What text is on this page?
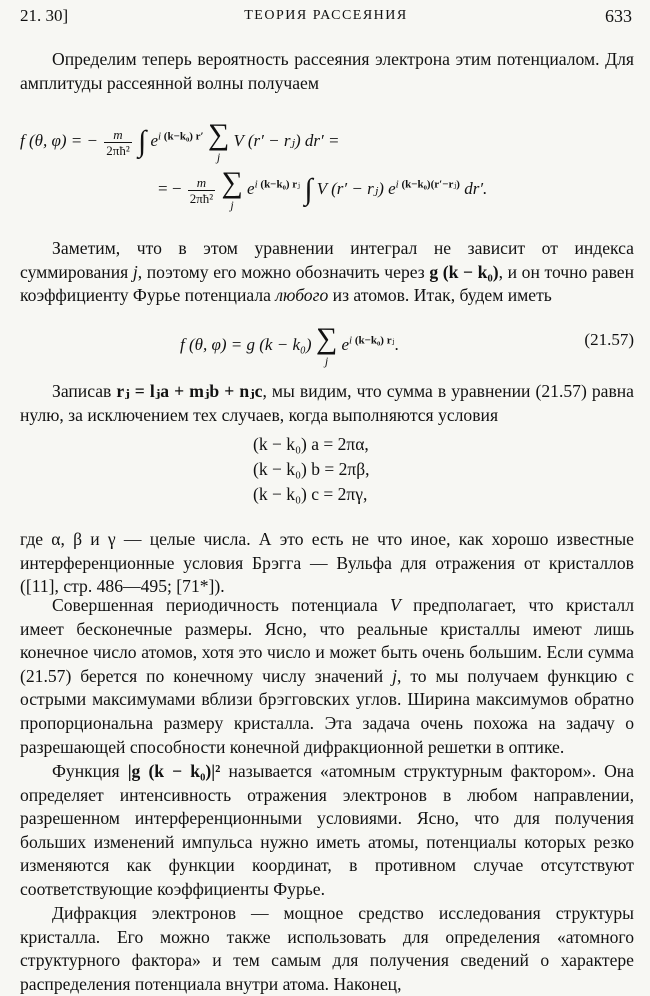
21. 30]	ТЕОРИЯ РАССЕЯНИЯ	633

Определим теперь вероятность рассеяния электрона этим потенциалом. Для амплитуды рассеянной волны получаем

f (θ, φ) = − $\frac{m}{\text{2πħ²}}$ ∫ $e^{i (k-k_0) r'}$ ∑
j
V (r′ − rⱼ) dr′ =
= − $\frac{m}{\text{2πħ²}}$
∑
j
$e^{i (k-k_0) rⱼ}$ ∫ V (r′ − rⱼ) $e^{i (k-k_0)(r'-rⱼ)}$ dr′.

Заметим, что в этом уравнении интеграл не зависит от индекса суммирования j, поэтому его можно обозначить через g (k − k₀), и он точно равен коэффициенту Фурье потенциала любого из атомов. Итак, будем иметь

f (θ, φ) = g (k − k₀) ∑
j
$e^{i (k-k_0) rⱼ}$.	(21.57)

Записав rⱼ = lⱼa + mⱼb + nⱼc, мы видим, что сумма в уравнении (21.57) равна нулю, за исключением тех случаев, когда выполняются условия

(k − k₀) a = 2πα,
(k − k₀) b = 2πβ,
(k − k₀) c = 2πγ,

где α, β и γ — целые числа. А это есть не что иное, как хорошо известные интерференционные условия Брэгга — Вульфа для отражения от кристаллов ([11], стр. 486—495; [71*]).

Совершенная периодичность потенциала V предполагает, что кристалл имеет бесконечные размеры. Ясно, что реальные кристаллы имеют лишь конечное число атомов, хотя это число и может быть очень большим. Если сумма (21.57) берется по конечному числу значений j, то мы получаем функцию с острыми максимумами вблизи брэгговских углов. Ширина максимумов обратно пропорциональна размеру кристалла. Эта задача очень похожа на задачу о разрешающей способности конечной дифракционной решетки в оптике.

Функция |g (k − k₀)|² называется «атомным структурным фактором». Она определяет интенсивность отражения электронов в любом направлении, разрешенном интерференционными условиями. Ясно, что для получения больших изменений импульса нужно иметь атомы, потенциалы которых резко изменяются как функции координат, в противном случае отсутствуют соответствующие коэффициенты Фурье.

Дифракция электронов — мощное средство исследования структуры кристалла. Его можно также использовать для определения «атомного структурного фактора» и тем самым для получения сведений о характере распределения потенциала внутри атома. Наконец,
